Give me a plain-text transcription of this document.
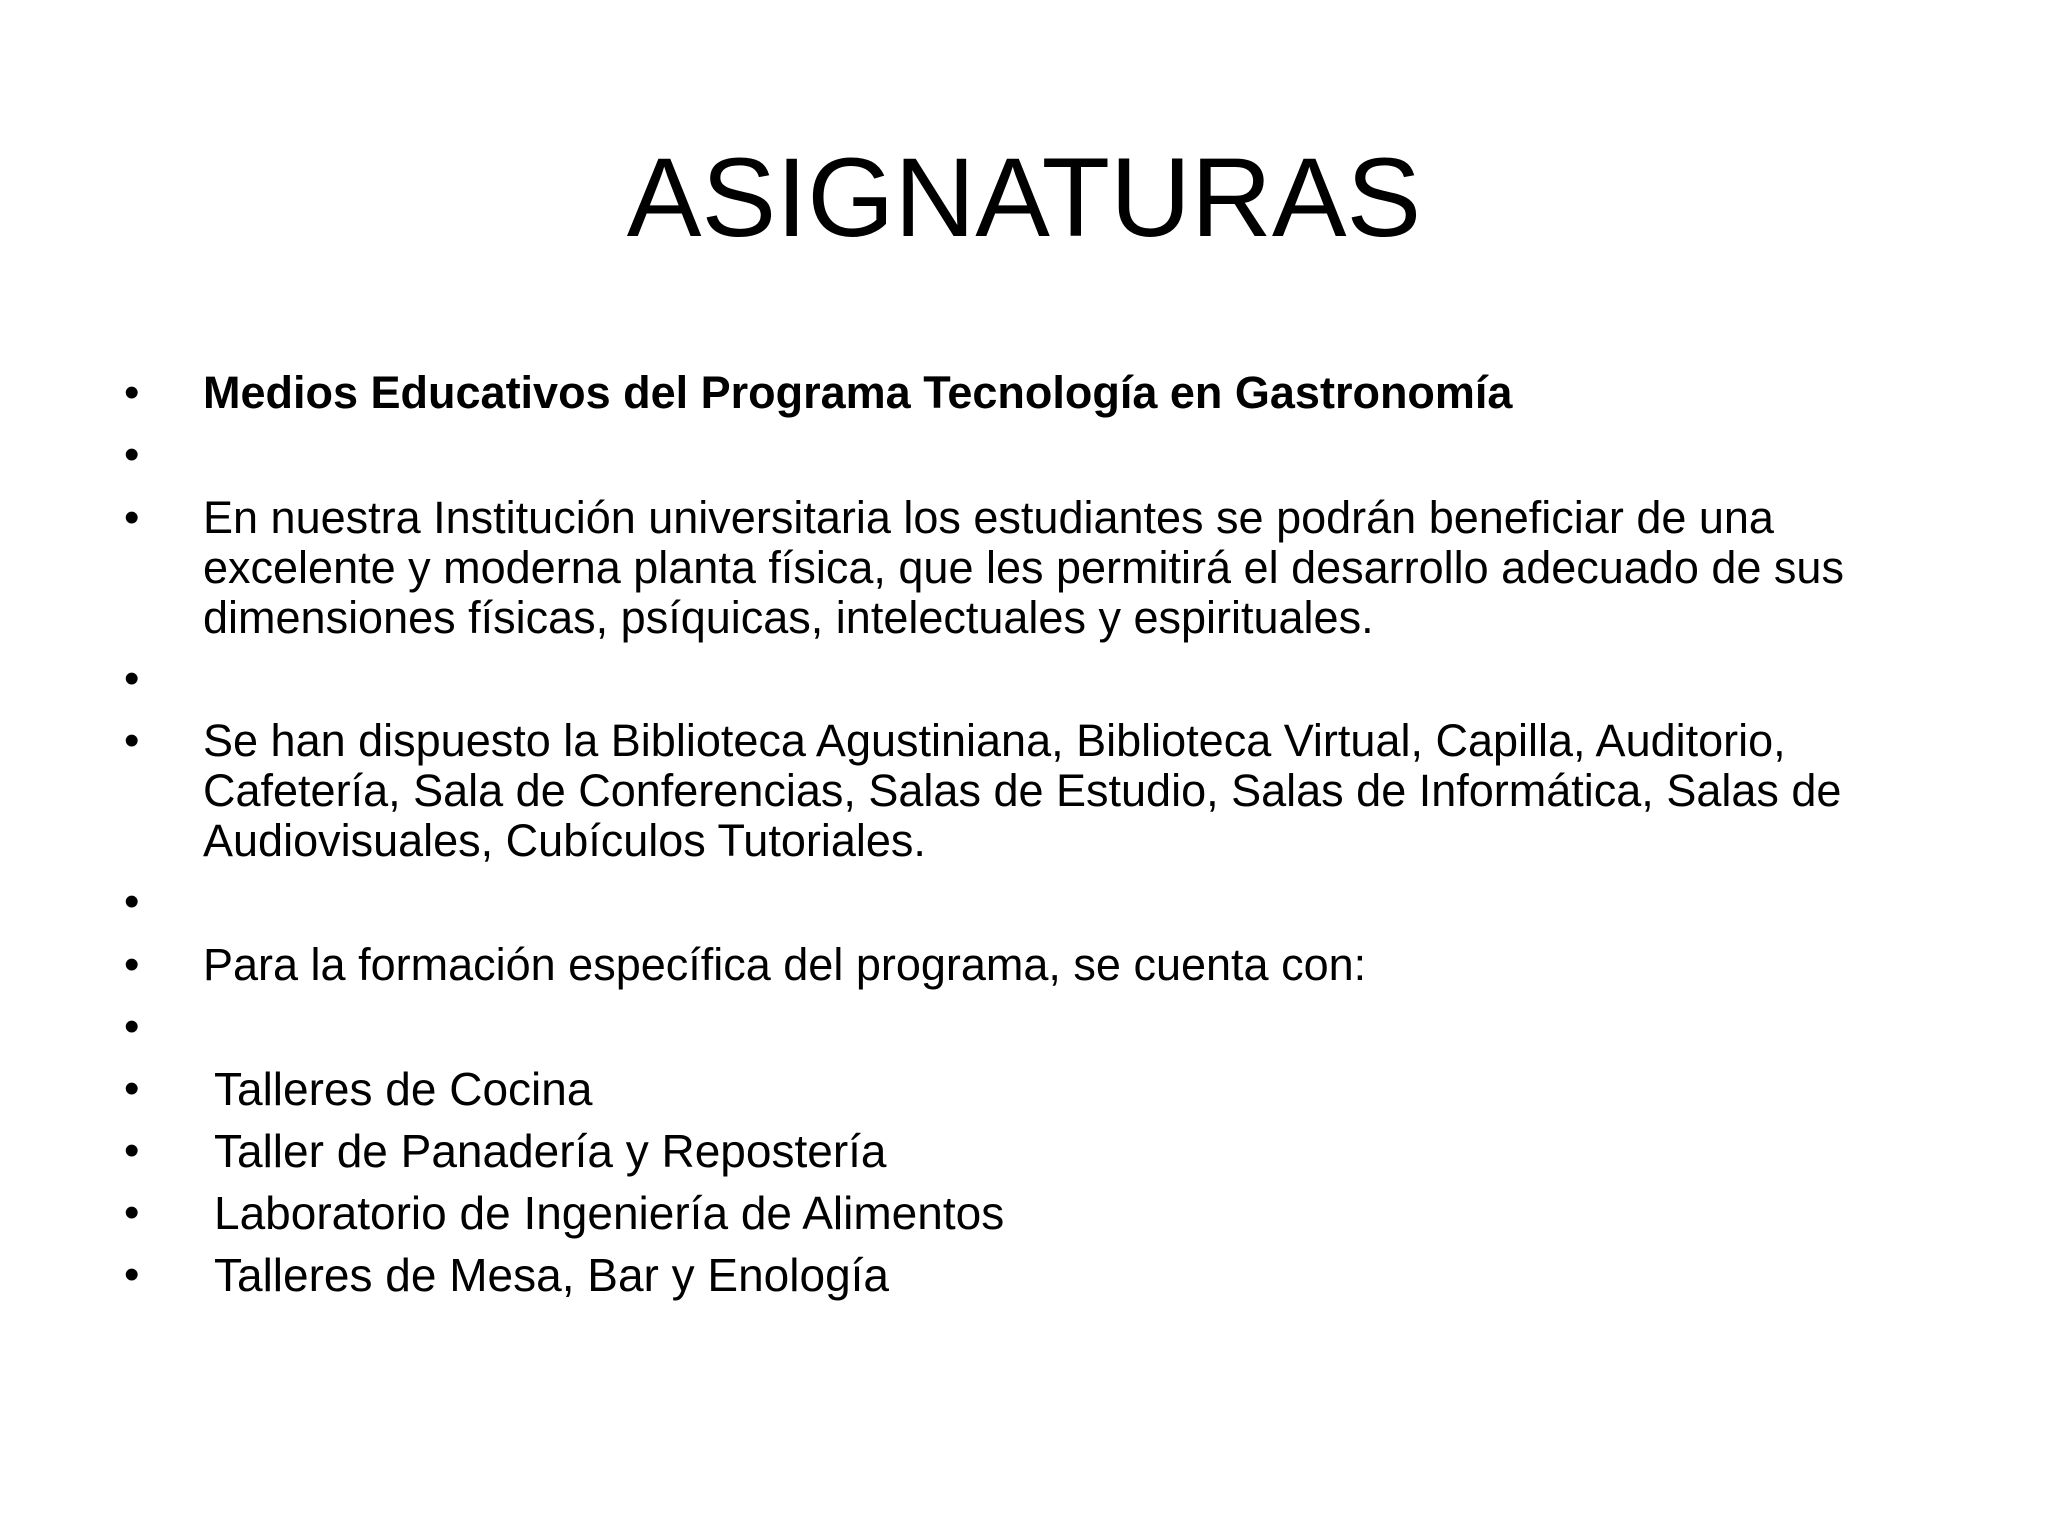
ASIGNATURAS
• Medios Educativos del Programa Tecnología en Gastronomía
•
• En nuestra Institución universitaria los estudiantes se podrán beneficiar de una excelente y moderna planta física, que les permitirá el desarrollo adecuado de sus dimensiones físicas, psíquicas, intelectuales y espirituales.
•
• Se han dispuesto la Biblioteca Agustiniana, Biblioteca Virtual, Capilla, Auditorio, Cafetería, Sala de Conferencias, Salas de Estudio, Salas de Informática, Salas de Audiovisuales, Cubículos Tutoriales.
•
• Para la formación específica del programa, se cuenta con:
•
• Talleres de Cocina
• Taller de Panadería y Repostería
• Laboratorio de Ingeniería de Alimentos
• Talleres de Mesa, Bar y Enología
